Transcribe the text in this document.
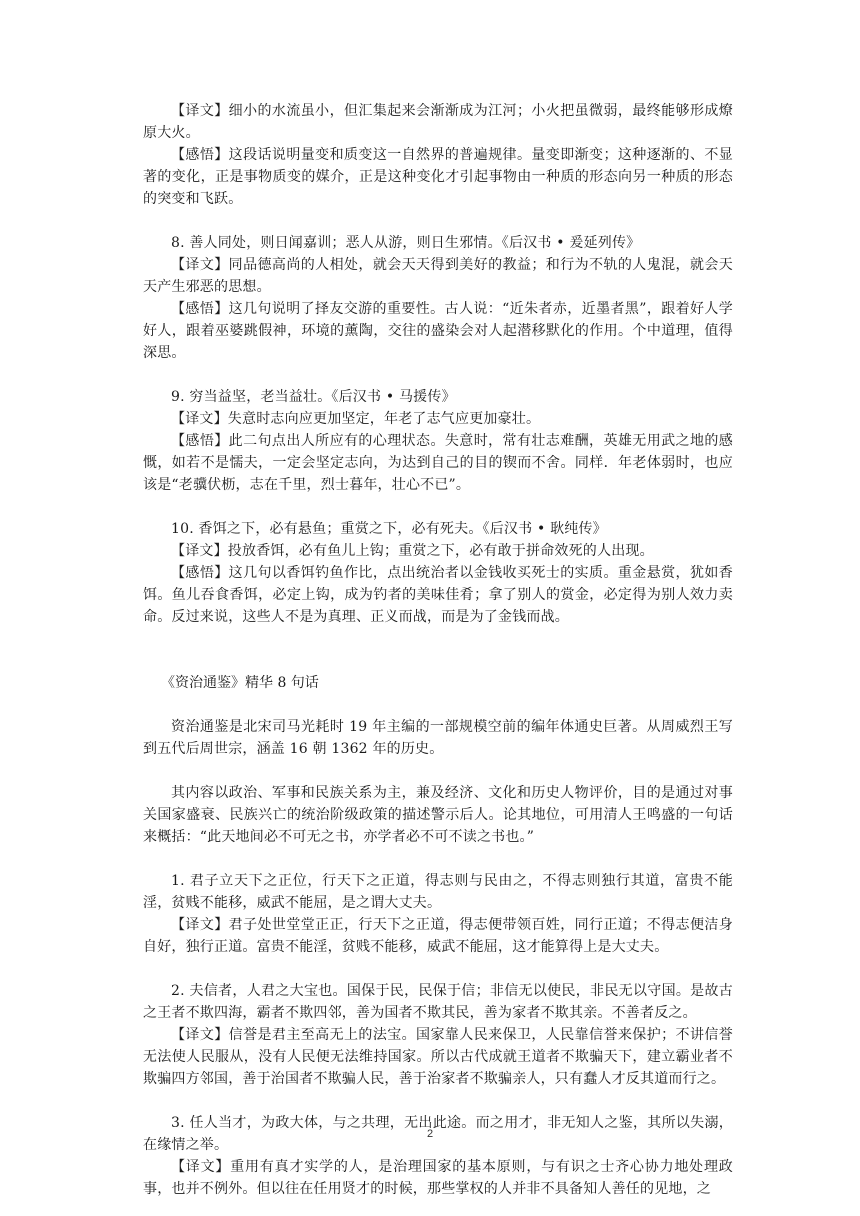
【译文】细小的水流虽小，但汇集起来会渐渐成为江河；小火把虽微弱，最终能够形成燎原大火。

【感悟】这段话说明量变和质变这一自然界的普遍规律。量变即渐变；这种逐渐的、不显著的变化，正是事物质变的媒介，正是这种变化才引起事物由一种质的形态向另一种质的形态的突变和飞跃。

8. 善人同处，则日闻嘉训；恶人从游，则日生邪情。《后汉书 • 爰延列传》

【译文】同品德高尚的人相处，就会天天得到美好的教益；和行为不轨的人鬼混，就会天天产生邪恶的思想。

【感悟】这几句说明了择友交游的重要性。古人说：“近朱者赤，近墨者黑”，跟着好人学好人，跟着巫婆跳假神，环境的薰陶，交往的盛染会对人起潜移默化的作用。个中道理，值得深思。

9. 穷当益坚，老当益壮。《后汉书 • 马援传》

【译文】失意时志向应更加坚定，年老了志气应更加豪壮。

【感悟】此二句点出人所应有的心理状态。失意时，常有壮志难酬，英雄无用武之地的感慨，如若不是懦夫，一定会坚定志向，为达到自己的目的锲而不舍。同样．年老体弱时，也应该是“老骥伏枥，志在千里，烈士暮年，壮心不已”。

10. 香饵之下，必有悬鱼；重赏之下，必有死夫。《后汉书 • 耿纯传》

【译文】投放香饵，必有鱼儿上钩；重赏之下，必有敢于拼命效死的人出现。

【感悟】这几句以香饵钓鱼作比，点出统治者以金钱收买死士的实质。重金悬赏，犹如香饵。鱼儿吞食香饵，必定上钩，成为钓者的美味佳肴；拿了别人的赏金，必定得为别人效力卖命。反过来说，这些人不是为真理、正义而战，而是为了金钱而战。

《资治通鉴》精华 8 句话

资治通鉴是北宋司马光耗时 19 年主编的一部规模空前的编年体通史巨著。从周威烈王写到五代后周世宗，涵盖 16 朝 1362 年的历史。

其内容以政治、军事和民族关系为主，兼及经济、文化和历史人物评价，目的是通过对事关国家盛衰、民族兴亡的统治阶级政策的描述警示后人。论其地位，可用清人王鸣盛的一句话来概括：“此天地间必不可无之书，亦学者必不可不读之书也。”

1. 君子立天下之正位，行天下之正道，得志则与民由之，不得志则独行其道，富贵不能淫，贫贱不能移，威武不能屈，是之谓大丈夫。

【译文】君子处世堂堂正正，行天下之正道，得志便带领百姓，同行正道；不得志便洁身自好，独行正道。富贵不能淫，贫贱不能移，威武不能屈，这才能算得上是大丈夫。

2. 夫信者，人君之大宝也。国保于民，民保于信；非信无以使民，非民无以守国。是故古之王者不欺四海，霸者不欺四邻，善为国者不欺其民，善为家者不欺其亲。不善者反之。

【译文】信誉是君主至高无上的法宝。国家靠人民来保卫，人民靠信誉来保护；不讲信誉无法使人民服从，没有人民便无法维持国家。所以古代成就王道者不欺骗天下，建立霸业者不欺骗四方邻国，善于治国者不欺骗人民，善于治家者不欺骗亲人，只有蠢人才反其道而行之。

3. 任人当才，为政大体，与之共理，无出此途。而之用才，非无知人之鉴，其所以失溺，在缘情之举。

【译文】重用有真才实学的人，是治理国家的基本原则，与有识之士齐心协力地处理政事，也并不例外。但以往在任用贤才的时候，那些掌权的人并非不具备知人善任的见地，之

2
